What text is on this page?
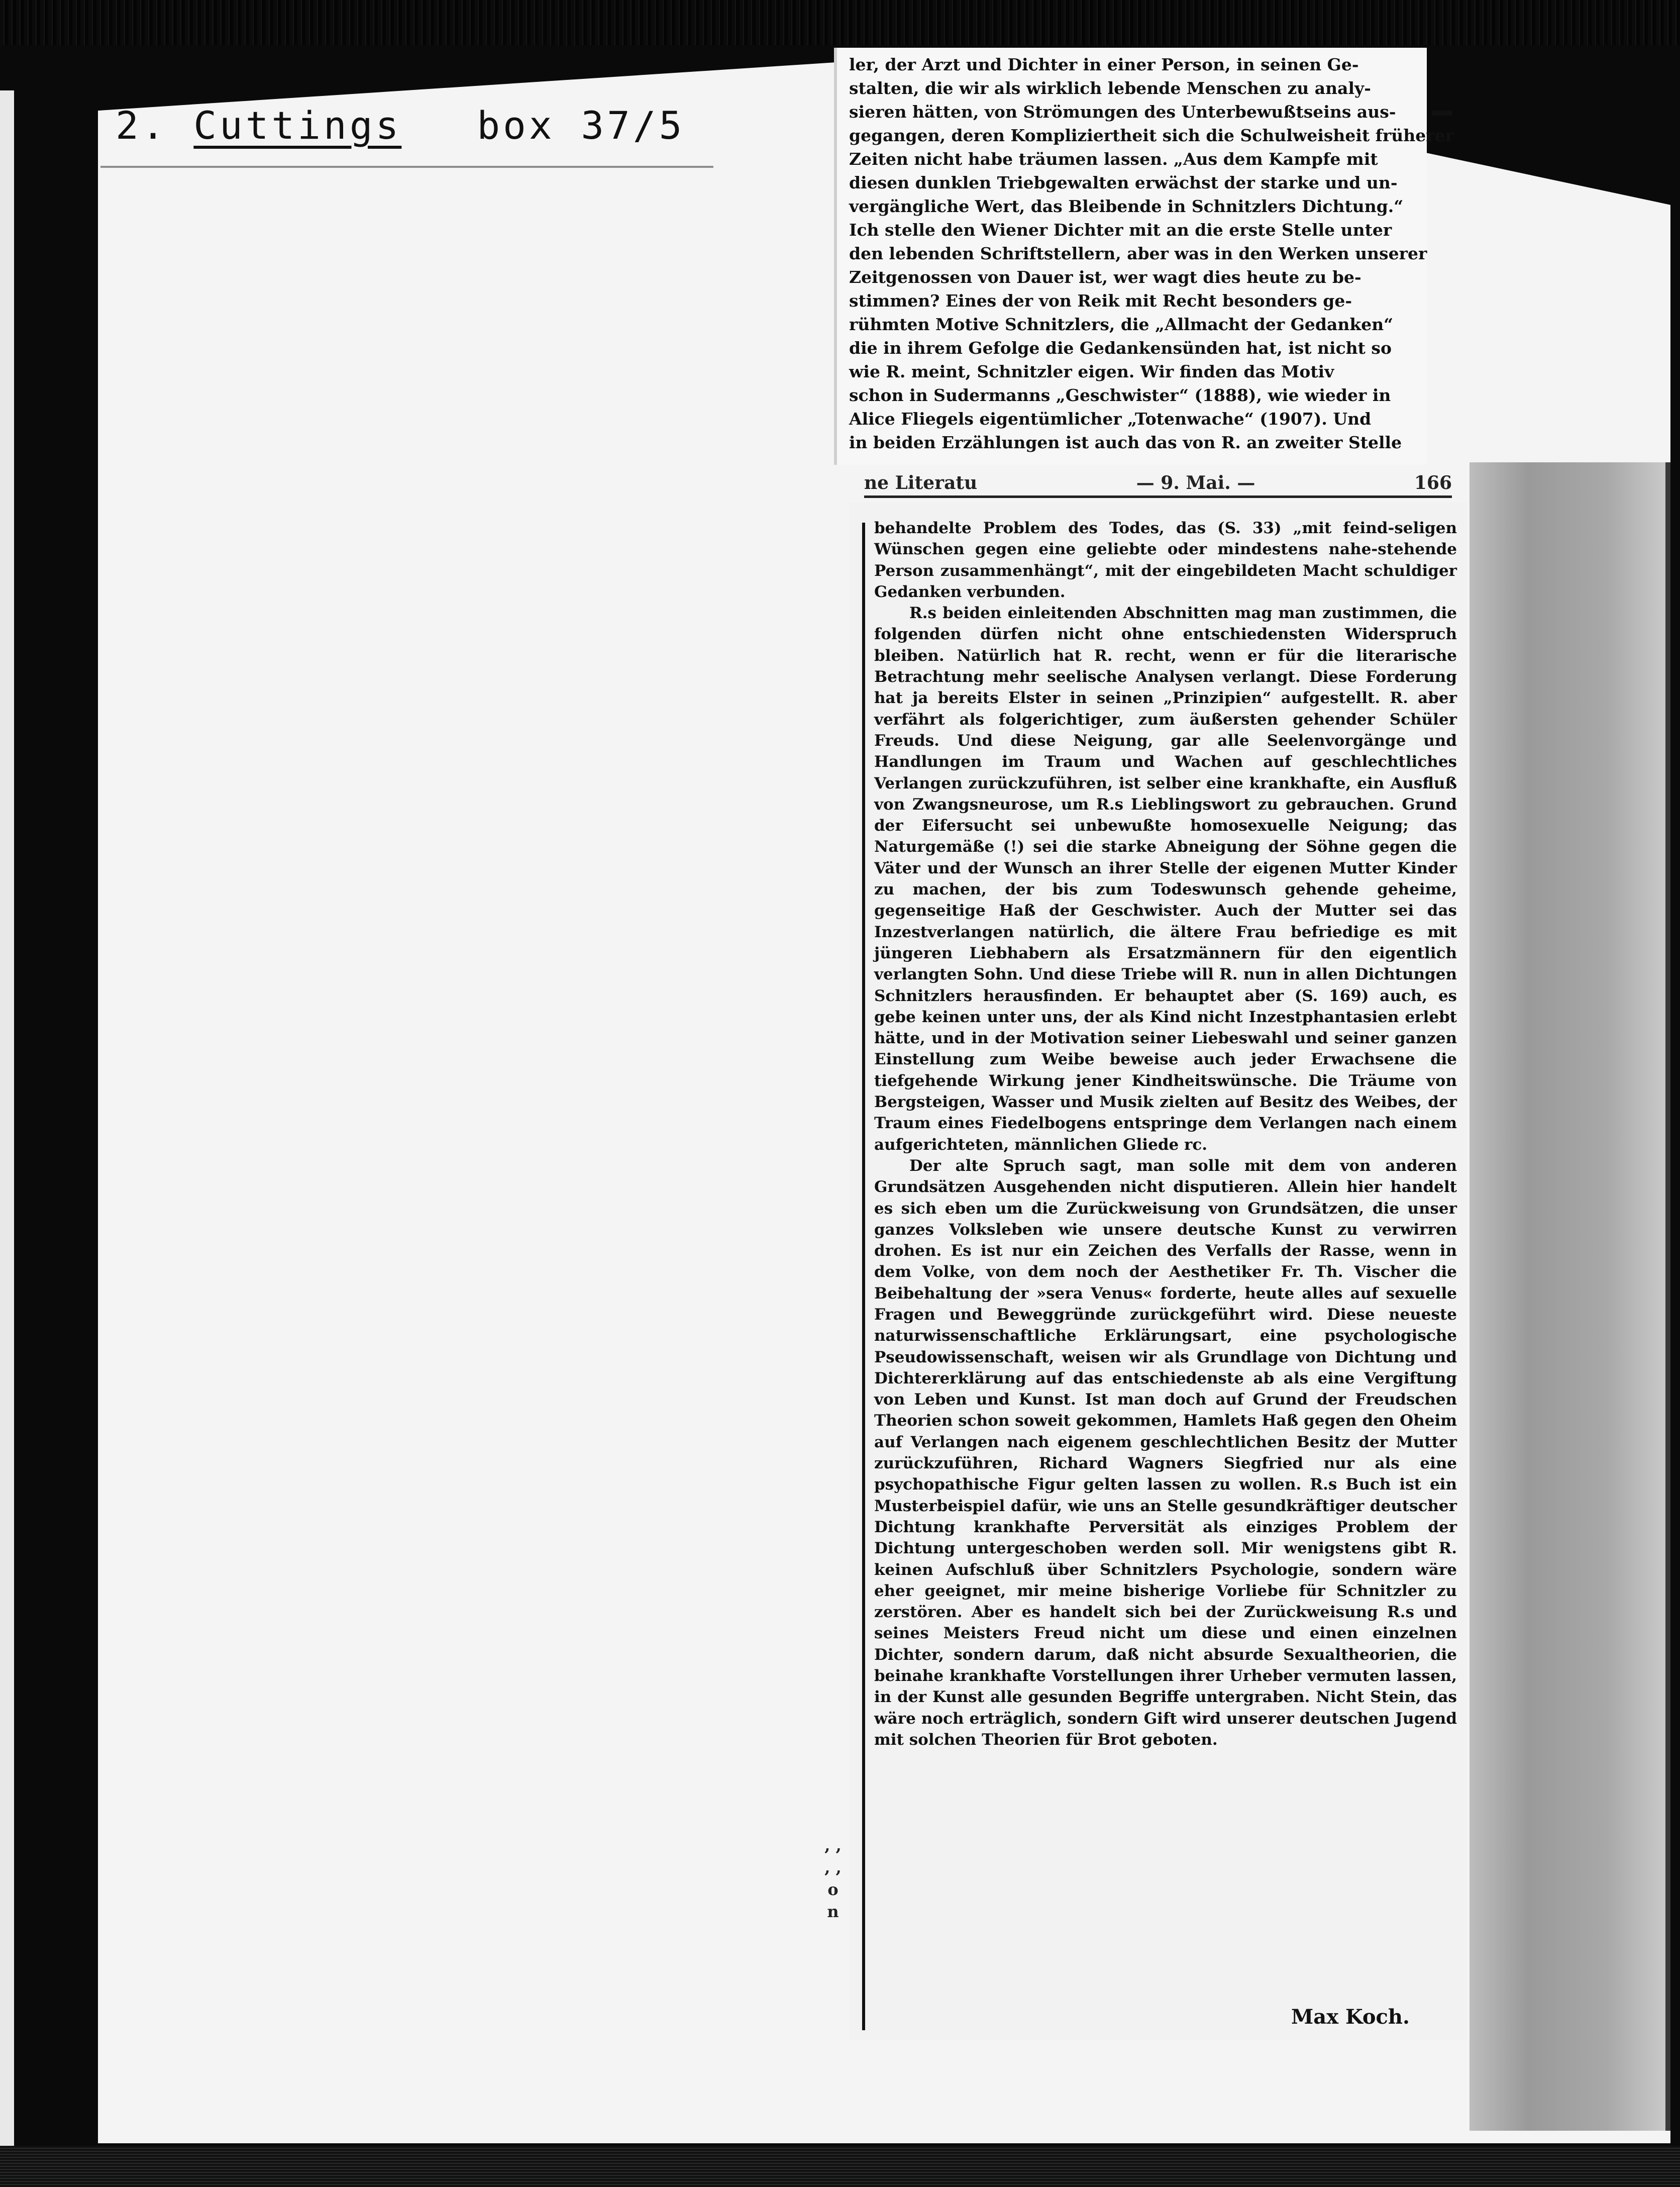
2. Cuttings box 37/5
ler, der Arzt und Dichter in einer Person, in seinen Ge-
stalten, die wir als wirklich lebende Menschen zu analy-
sieren hätten, von Strömungen des Unterbewußtseins aus-
gegangen, deren Kompliziertheit sich die Schulweisheit früherer
Zeiten nicht habe träumen lassen. „Aus dem Kampfe mit
diesen dunklen Triebgewalten erwächst der starke und un-
vergängliche Wert, das Bleibende in Schnitzlers Dichtung.“
Ich stelle den Wiener Dichter mit an die erste Stelle unter
den lebenden Schriftstellern, aber was in den Werken unserer
Zeitgenossen von Dauer ist, wer wagt dies heute zu be-
stimmen? Eines der von Reik mit Recht besonders ge-
rühmten Motive Schnitzlers, die „Allmacht der Gedanken“
die in ihrem Gefolge die Gedankensünden hat, ist nicht so
wie R. meint, Schnitzler eigen. Wir finden das Motiv
schon in Sudermanns „Geschwister“ (1888), wie wieder in
Alice Fliegels eigentümlicher „Totenwache“ (1907). Und
in beiden Erzählungen ist auch das von R. an zweiter Stelle
ne Literatu	— 9. Mai. —	166

behandelte Problem des Todes, das (S. 33) „mit feind-seligen Wünschen gegen eine geliebte oder mindestens nahe-stehende Person zusammenhängt“, mit der eingebildeten Macht schuldiger Gedanken verbunden.

R.s beiden einleitenden Abschnitten mag man zustimmen, die folgenden dürfen nicht ohne entschiedensten Widerspruch bleiben. Natürlich hat R. recht, wenn er für die literarische Betrachtung mehr seelische Analysen verlangt. Diese Forderung hat ja bereits Elster in seinen „Prinzipien“ aufgestellt. R. aber verfährt als folgerichtiger, zum äußersten gehender Schüler Freuds. Und diese Neigung, gar alle Seelenvorgänge und Handlungen im Traum und Wachen auf geschlechtliches Verlangen zurückzuführen, ist selber eine krankhafte, ein Ausfluß von Zwangsneurose, um R.s Lieblingswort zu gebrauchen. Grund der Eifersucht sei unbewußte homosexuelle Neigung; das Naturgemäße (!) sei die starke Abneigung der Söhne gegen die Väter und der Wunsch an ihrer Stelle der eigenen Mutter Kinder zu machen, der bis zum Todeswunsch gehende geheime, gegenseitige Haß der Geschwister. Auch der Mutter sei das Inzestverlangen natürlich, die ältere Frau befriedige es mit jüngeren Liebhabern als Ersatzmännern für den eigentlich verlangten Sohn. Und diese Triebe will R. nun in allen Dichtungen Schnitzlers herausfinden. Er behauptet aber (S. 169) auch, es gebe keinen unter uns, der als Kind nicht Inzestphantasien erlebt hätte, und in der Motivation seiner Liebeswahl und seiner ganzen Einstellung zum Weibe beweise auch jeder Erwachsene die tiefgehende Wirkung jener Kindheitswünsche. Die Träume von Bergsteigen, Wasser und Musik zielten auf Besitz des Weibes, der Traum eines Fiedelbogens entspringe dem Verlangen nach einem aufgerichteten, männlichen Gliede rc.

Der alte Spruch sagt, man solle mit dem von anderen Grundsätzen Ausgehenden nicht disputieren. Allein hier handelt es sich eben um die Zurückweisung von Grundsätzen, die unser ganzes Volksleben wie unsere deutsche Kunst zu verwirren drohen. Es ist nur ein Zeichen des Verfalls der Rasse, wenn in dem Volke, von dem noch der Aesthetiker Fr. Th. Vischer die Beibehaltung der »sera Venus« forderte, heute alles auf sexuelle Fragen und Beweggründe zurückgeführt wird. Diese neueste naturwissenschaftliche Erklärungsart, eine psychologische Pseudowissenschaft, weisen wir als Grundlage von Dichtung und Dichtererklärung auf das entschiedenste ab als eine Vergiftung von Leben und Kunst. Ist man doch auf Grund der Freudschen Theorien schon soweit gekommen, Hamlets Haß gegen den Oheim auf Verlangen nach eigenem geschlechtlichen Besitz der Mutter zurückzuführen, Richard Wagners Siegfried nur als eine psychopathische Figur gelten lassen zu wollen. R.s Buch ist ein Musterbeispiel dafür, wie uns an Stelle gesundkräftiger deutscher Dichtung krankhafte Perversität als einziges Problem der Dichtung untergeschoben werden soll. Mir wenigstens gibt R. keinen Aufschluß über Schnitzlers Psychologie, sondern wäre eher geeignet, mir meine bisherige Vorliebe für Schnitzler zu zerstören. Aber es handelt sich bei der Zurückweisung R.s und seines Meisters Freud nicht um diese und einen einzelnen Dichter, sondern darum, daß nicht absurde Sexualtheorien, die beinahe krankhafte Vorstellungen ihrer Urheber vermuten lassen, in der Kunst alle gesunden Begriffe untergraben. Nicht Stein, das wäre noch erträglich, sondern Gift wird unserer deutschen Jugend mit solchen Theorien für Brot geboten.

Max Koch.
, , , , o n
